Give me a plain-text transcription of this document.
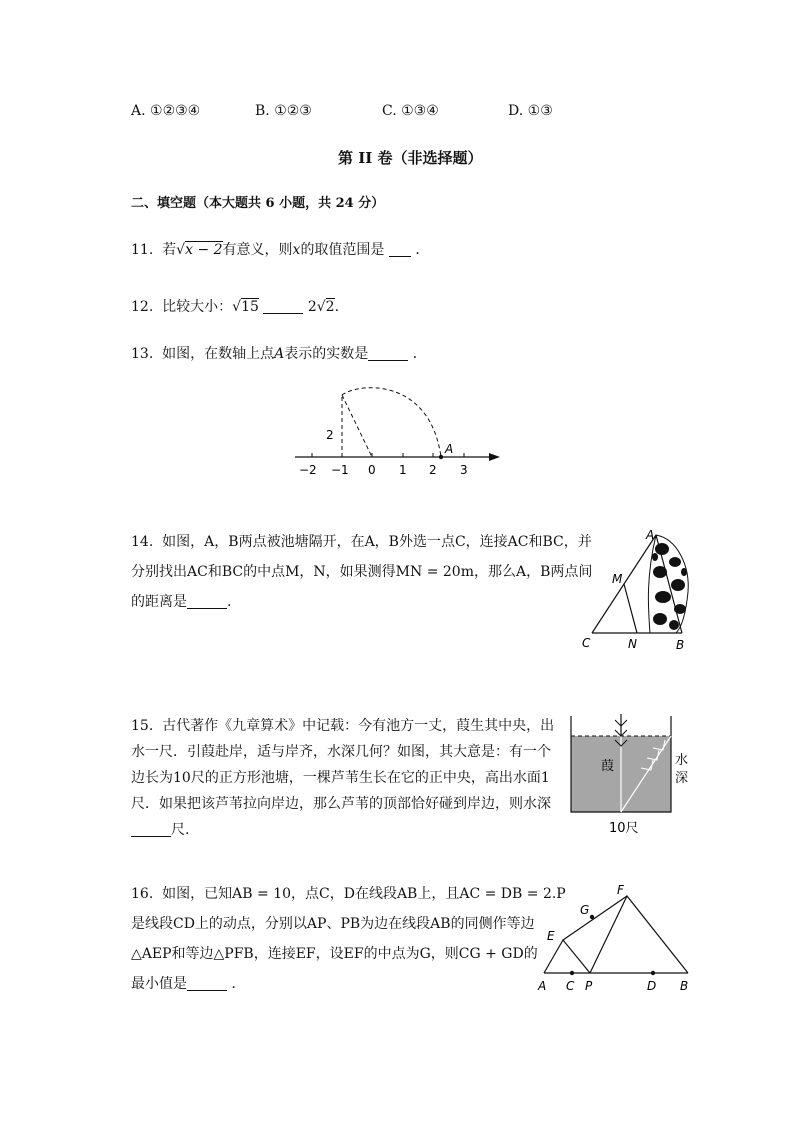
A. ①②③④	B. ①②③	C. ①③④	D. ①③
第 II 卷（非选择题）
二、填空题（本大题共 6 小题，共 24 分）
11. 若√x − 2有意义，则x的取值范围是 ．
12. 比较大小：√15	2√2.
13. 如图，在数轴上点A表示的实数是	．
A
2
−2 −1 0 1 2 3
14. 如图，A，B两点被池塘隔开，在A，B外选一点C，连接AC和BC，并
分别找出AC和BC的中点M，N，如果测得MN = 20m，那么A，B两点间
的距离是	.
A
M
C	N	B
15. 古代著作《九章算术》中记载：今有池方一丈，葭生其中央，出
水一尺．引葭赴岸，适与岸齐，水深几何？如图，其大意是：有一个
边长为10尺的正方形池塘，一棵芦苇生长在它的正中央，高出水面1
尺．如果把该芦苇拉向岸边，那么芦苇的顶部恰好碰到岸边，则水深
尺.
葭	水
深
10尺
16. 如图，已知AB = 10，点C，D在线段AB上，且AC = DB = 2.P
是线段CD上的动点，分别以AP、PB为边在线段AB的同侧作等边
△AEP和等边△PFB，连接EF，设EF的中点为G，则CG + GD的
最小值是	．
F
G
E
A C P	D B
